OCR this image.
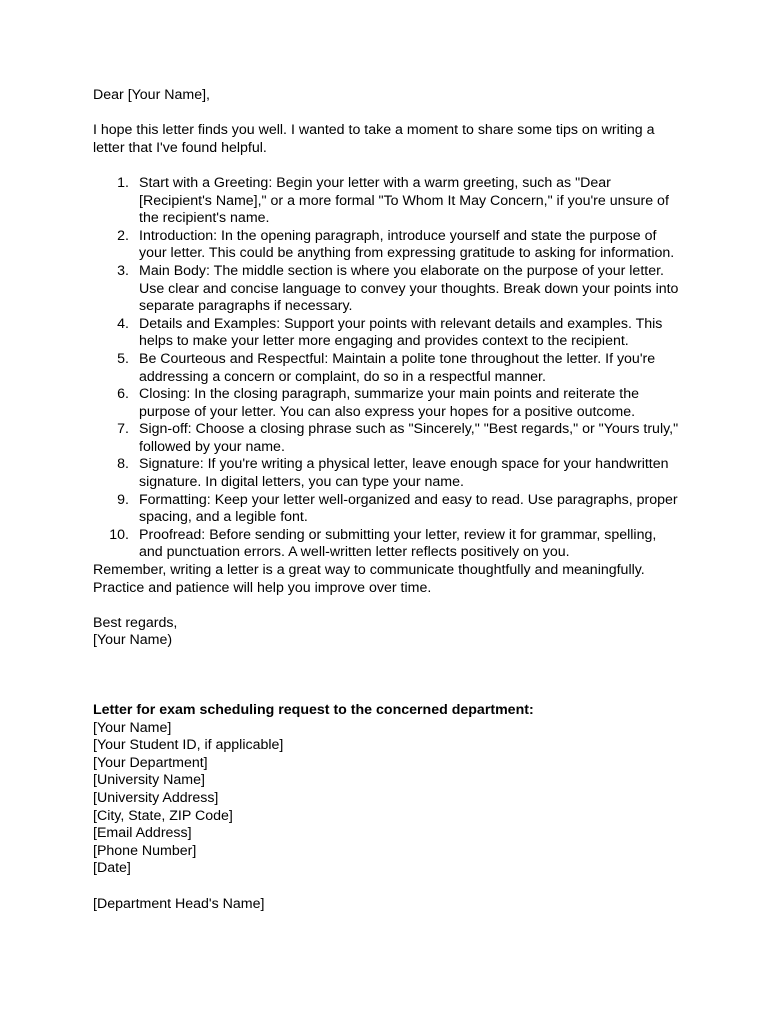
Dear [Your Name],

I hope this letter finds you well. I wanted to take a moment to share some tips on writing a letter that I've found helpful.

1. Start with a Greeting: Begin your letter with a warm greeting, such as "Dear [Recipient's Name]," or a more formal "To Whom It May Concern," if you're unsure of the recipient's name.
2. Introduction: In the opening paragraph, introduce yourself and state the purpose of your letter. This could be anything from expressing gratitude to asking for information.
3. Main Body: The middle section is where you elaborate on the purpose of your letter. Use clear and concise language to convey your thoughts. Break down your points into separate paragraphs if necessary.
4. Details and Examples: Support your points with relevant details and examples. This helps to make your letter more engaging and provides context to the recipient.
5. Be Courteous and Respectful: Maintain a polite tone throughout the letter. If you're addressing a concern or complaint, do so in a respectful manner.
6. Closing: In the closing paragraph, summarize your main points and reiterate the purpose of your letter. You can also express your hopes for a positive outcome.
7. Sign-off: Choose a closing phrase such as "Sincerely," "Best regards," or "Yours truly," followed by your name.
8. Signature: If you're writing a physical letter, leave enough space for your handwritten signature. In digital letters, you can type your name.
9. Formatting: Keep your letter well-organized and easy to read. Use paragraphs, proper spacing, and a legible font.
10. Proofread: Before sending or submitting your letter, review it for grammar, spelling, and punctuation errors. A well-written letter reflects positively on you.

Remember, writing a letter is a great way to communicate thoughtfully and meaningfully. Practice and patience will help you improve over time.

Best regards,

[Your Name)

Letter for exam scheduling request to the concerned department:

[Your Name]

[Your Student ID, if applicable]

[Your Department]

[University Name]

[University Address]

[City, State, ZIP Code]

[Email Address]

[Phone Number]

[Date]

[Department Head's Name]
